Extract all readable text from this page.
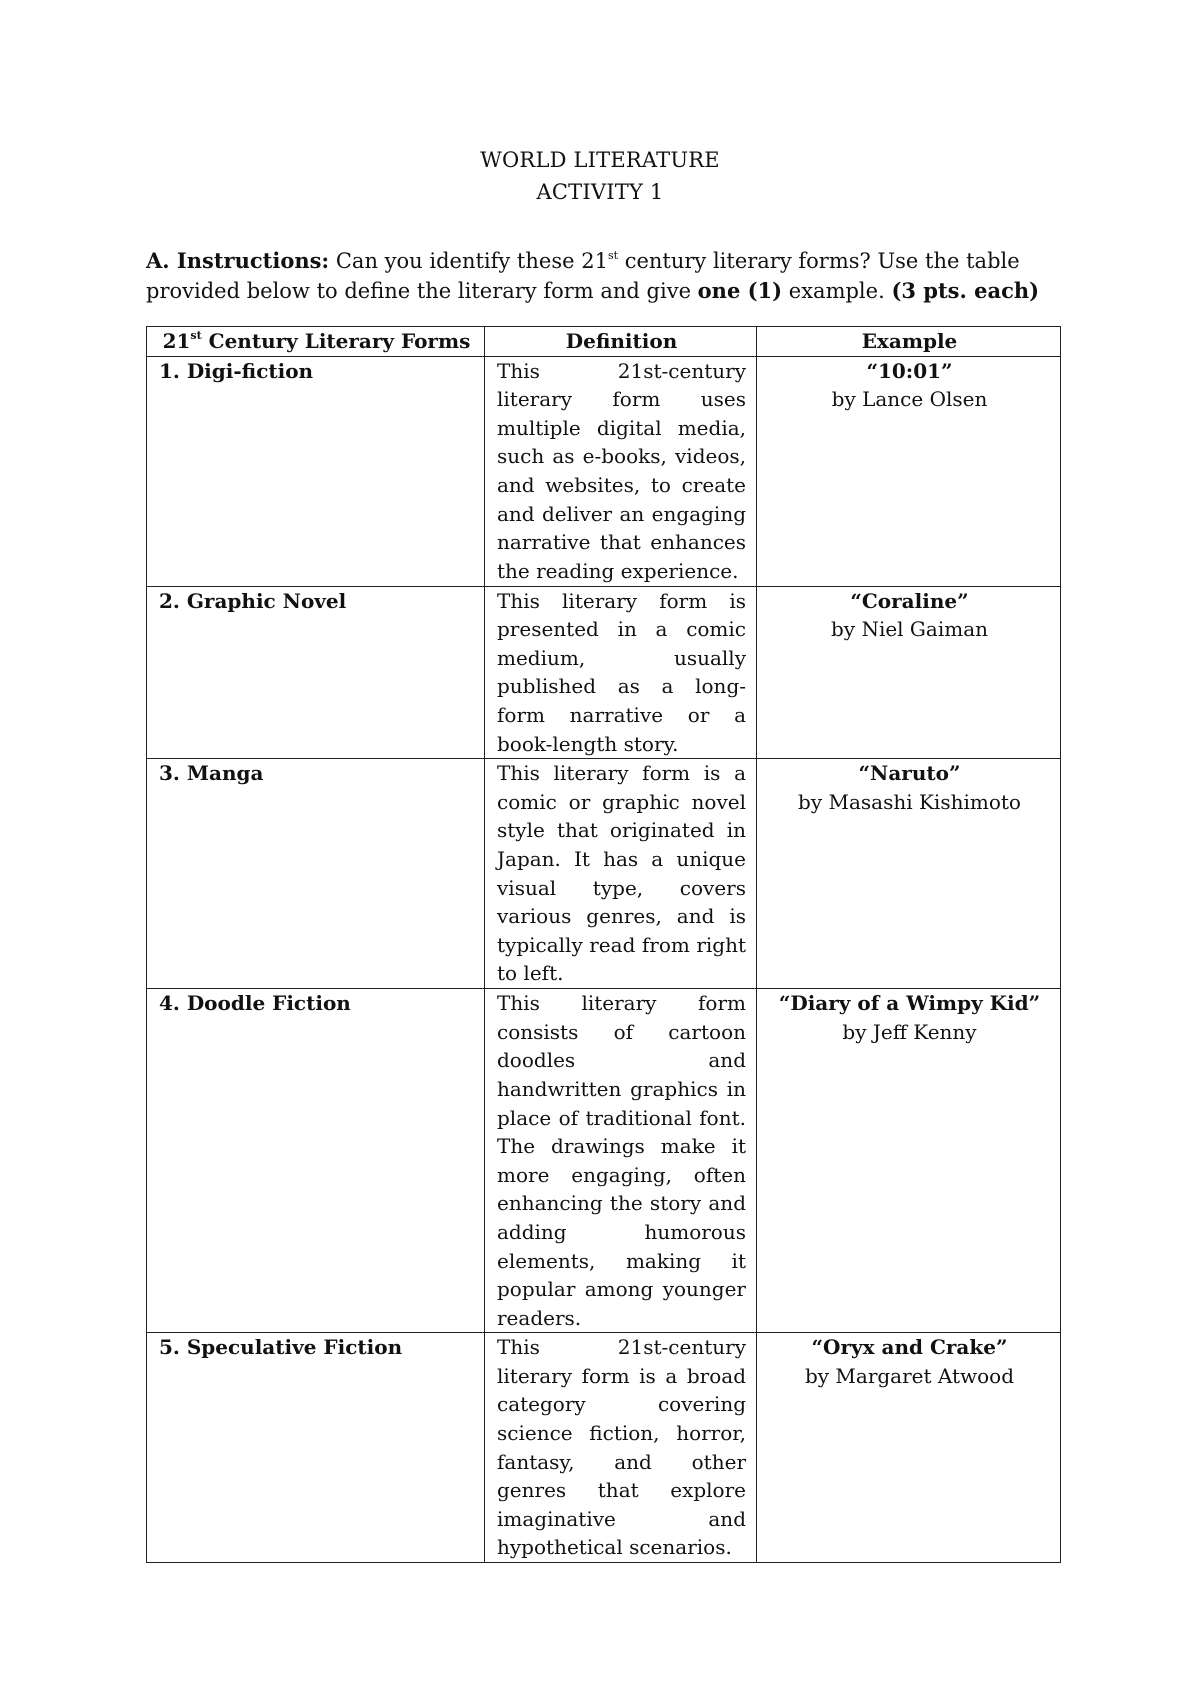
WORLD LITERATURE
ACTIVITY 1
A. Instructions: Can you identify these 21st century literary forms? Use the table provided below to define the literary form and give one (1) example. (3 pts. each)
21st Century Literary Forms	Definition	Example
1. Digi-fiction	This 21st-century literary form uses multiple digital media, such as e-books, videos, and websites, to create and deliver an engaging narrative that enhances the reading experience.	“10:01”
by Lance Olsen

2. Graphic Novel	This literary form is presented in a comic medium, usually published as a long-form narrative or a book-length story.	“Coraline”
by Niel Gaiman

3. Manga	This literary form is a comic or graphic novel style that originated in Japan. It has a unique visual type, covers various genres, and is typically read from right to left.	“Naruto”
by Masashi Kishimoto

4. Doodle Fiction	This literary form consists of cartoon doodles and handwritten graphics in place of traditional font. The drawings make it more engaging, often enhancing the story and adding humorous elements, making it popular among younger readers.	“Diary of a Wimpy Kid”
by Jeff Kenny

5. Speculative Fiction	This 21st-century literary form is a broad category covering science fiction, horror, fantasy, and other genres that explore imaginative and hypothetical scenarios.	“Oryx and Crake”
by Margaret Atwood
